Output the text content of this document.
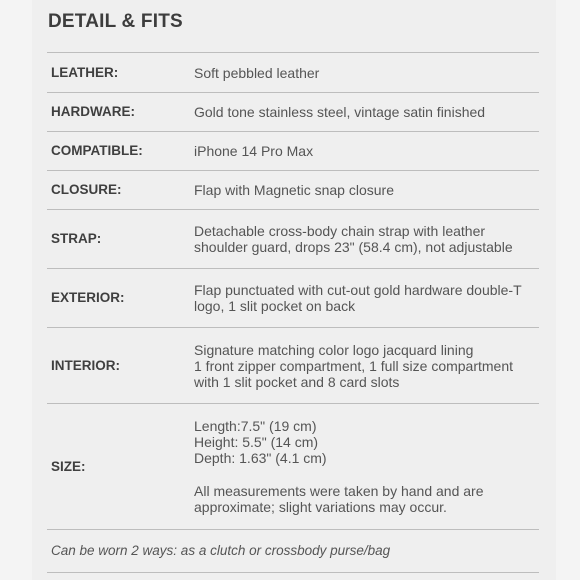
DETAIL & FITS
LEATHER:	Soft pebbled leather

HARDWARE:	Gold tone stainless steel, vintage satin finished

COMPATIBLE:	iPhone 14 Pro Max

CLOSURE:	Flap with Magnetic snap closure

STRAP:	Detachable cross-body chain strap with leather
shoulder guard, drops 23" (58.4 cm), not adjustable

EXTERIOR:	Flap punctuated with cut-out gold hardware double-T
logo, 1 slit pocket on back

INTERIOR:	Signature matching color logo jacquard lining
1 front zipper compartment, 1 full size compartment
with 1 slit pocket and 8 card slots

SIZE:	Length:7.5" (19 cm)
Height: 5.5" (14 cm)
Depth: 1.63" (4.1 cm)
All measurements were taken by hand and are
approximate; slight variations may occur.

Can be worn 2 ways: as a clutch or crossbody purse/bag
